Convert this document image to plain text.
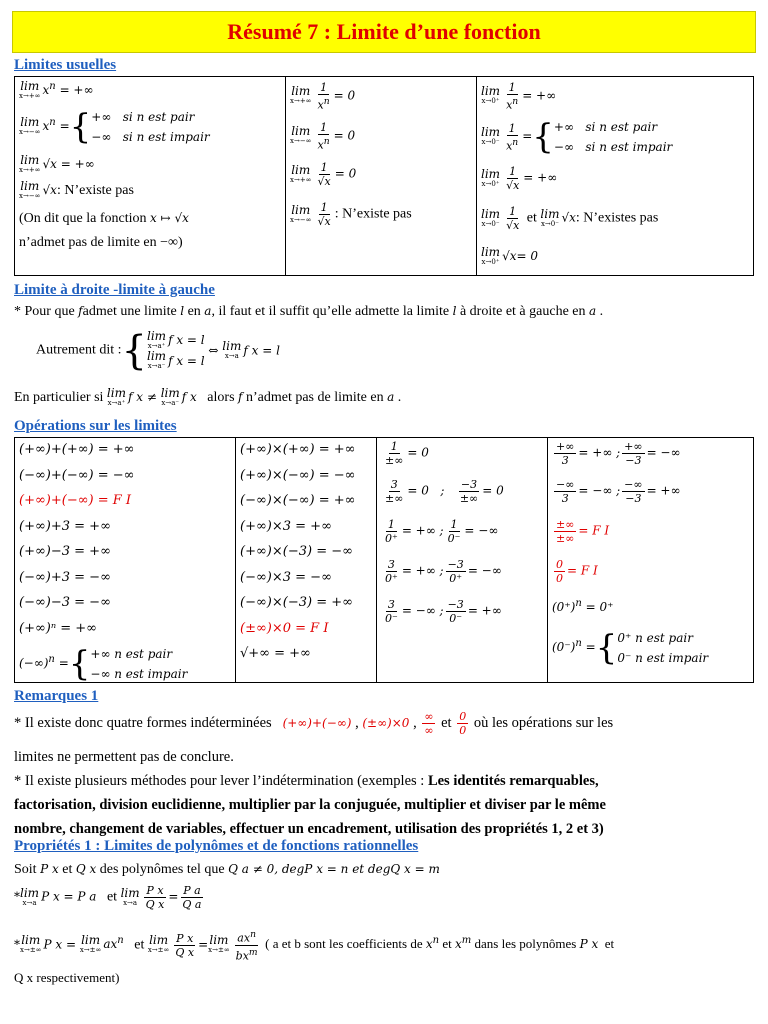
Résumé 7 : Limite d’une fonction
Limites usuelles
lim
x→+∞ $x^n$ = +∞
lim
x→−∞ $x^n$ ={ +∞   si n est pair
−∞   si n est impair
lim
x→+∞ √x = +∞
lim
x→−∞ √x: N’existe pas
(On dit que la fonction x ↦ √x
n’admet pas de limite en −∞)

lim
$x\to+\infty \frac{1}{x^n} = 0$
lim
$x\to-\infty \frac{1}{x^n} = 0$
lim
$x\to+\infty \frac{1}{√x} = 0$
lim
$x\to-\infty \frac{1}{√x}$ : N’existe pas

lim
$x\to 0^+ \frac{1}{x^n}$ = +∞
lim
$x\to 0^- \frac{1}{x^n}$ ={ +∞   si n est pair
−∞   si n est impair
lim
$x\to 0^+ \frac{1}{√x}$ = +∞
lim
$x\to 0^- \frac{1}{√x}$ et lim
x→0⁻ √x: N’existes pas
lim
x→0⁺ √x= 0
Limite à droite -limite à gauche
* Pour que fadmet une limite l en a, il faut et il suffit qu’elle admette la limite l à droite et à gauche en a .
Autrement dit :{ lim
x→a⁺ f x = l
lim
x→a⁻ f x = l
⇔ lim
x→a f x = l
En particulier si lim
x→a⁺ f x ≠ lim
x→a⁻ f x alors f n’admet pas de limite en a .
Opérations sur les limites
(+∞)+(+∞) = +∞
(−∞)+(−∞) = −∞
(+∞)+(−∞) = F I
(+∞)+3 = +∞
(+∞)−3 = +∞
(−∞)+3 = −∞
(−∞)−3 = −∞
(+∞)ⁿ = +∞
(−∞)$^n$ ={ +∞ n est pair
−∞ n est impair

(+∞)×(+∞) = +∞
(+∞)×(−∞) = −∞
(−∞)×(−∞) = +∞
(+∞)×3 = +∞
(+∞)×(−3) = −∞
(−∞)×3 = −∞
(−∞)×(−3) = +∞
(±∞)×0 = F I
√+∞ = +∞

$\frac{1}{\pm\infty} = 0$
$\frac{3}{\pm\infty} = 0$   ; $\frac{-3}{\pm\infty} = 0$
$\frac{1}{0^+}$ = +∞ ; $\frac{1}{0^-}$ = −∞
$\frac{3}{0^+}$ = +∞ ; $\frac{-3}{0^+}$ = −∞
$\frac{3}{0^-}$ = −∞ ; $\frac{-3}{0^-}$ = +∞

$\frac{+\infty}{3}$ = +∞ ; $\frac{+\infty}{-3}$ = −∞
$\frac{-\infty}{3}$ = −∞ ; $\frac{-\infty}{-3}$ = +∞
$\frac{\pm\infty}{\pm\infty} = F$ I
$\frac{0}{0} = F$ I
$(0^+)^n = 0^+$
$(0^-)^n$ ={ 0⁺ n est pair
0⁻ n est impair
Remarques 1
* Il existe donc quatre formes indéterminées (+∞)+(−∞) , (±∞)×0 , $\frac{\infty}{\infty}$ et $\frac{0}{0}$ où les opérations sur les
limites ne permettent pas de conclure.
* Il existe plusieurs méthodes pour lever l’indétermination (exemples : Les identités remarquables,
factorisation, division euclidienne, multiplier par la conjuguée, multiplier et diviser par le même
nombre, changement de variables, effectuer un encadrement, utilisation des propriétés 1, 2 et 3)
Propriétés 1 : Limites de polynômes et de fonctions rationnelles
Soit P x et Q x des polynômes tel que Q a ≠ 0, degP x = n et degQ x = m
*lim
x→a P x = P a   et lim
$x\to a \frac{\text{P x}}{\text{Q x}} = \frac{\text{P a}}{\text{Q a}}$
*lim
x→±∞ P x = lim
x→±∞ $ax^n$   et lim
$x\to\pm\infty \frac{\text{P x}}{\text{Q x}} =\lim$
$x\to\pm\infty \frac{ax^n}{bx^m}$ ( a et b sont les coefficients de $x^n$ et $x^m$ dans les polynômes P x  et
Q x respectivement)
